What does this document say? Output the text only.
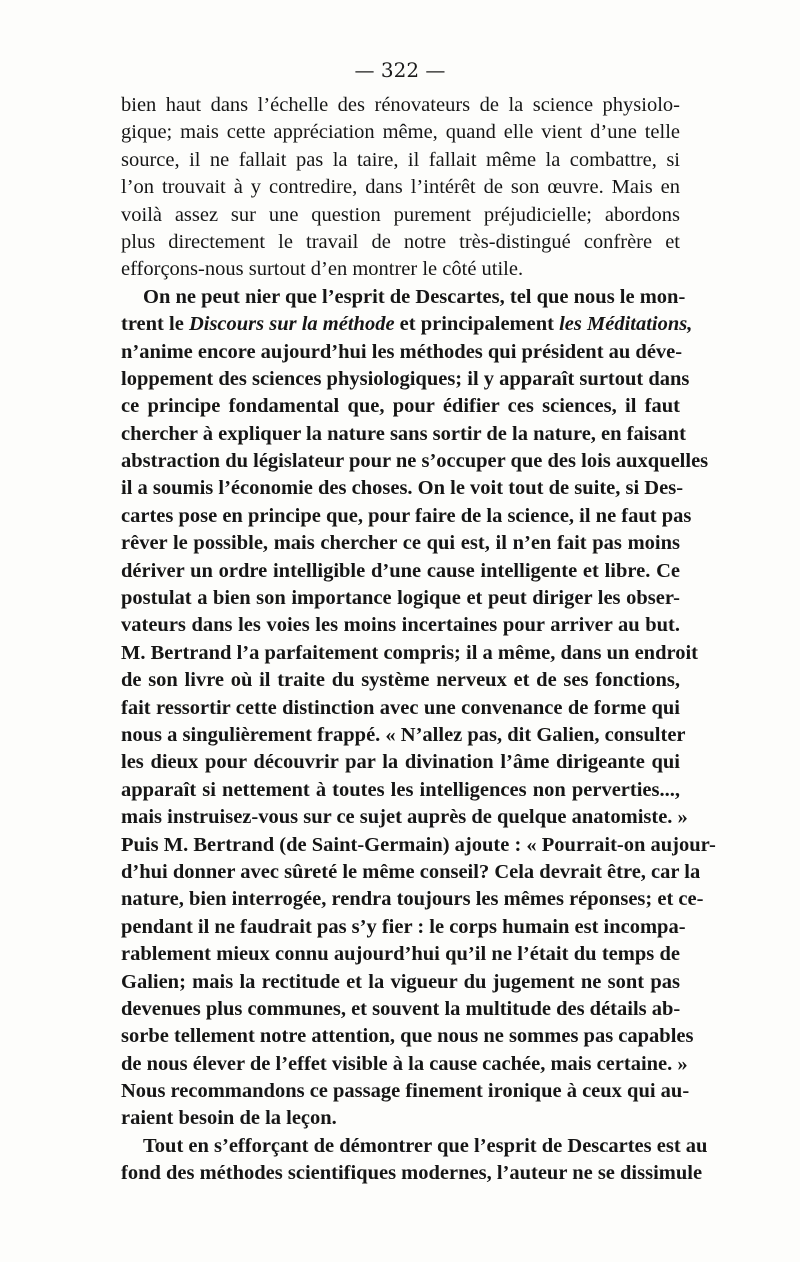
— 322 —
bien haut dans l’échelle des rénovateurs de la science physiolo-
gique; mais cette appréciation même, quand elle vient d’une telle
source, il ne fallait pas la taire, il fallait même la combattre, si
l’on trouvait à y contredire, dans l’intérêt de son œuvre. Mais en
voilà assez sur une question purement préjudicielle; abordons
plus directement le travail de notre très-distingué confrère et
efforçons-nous surtout d’en montrer le côté utile.
On ne peut nier que l’esprit de Descartes, tel que nous le mon-
trent le Discours sur la méthode et principalement les Méditations,
n’anime encore aujourd’hui les méthodes qui président au déve-
loppement des sciences physiologiques; il y apparaît surtout dans
ce principe fondamental que, pour édifier ces sciences, il faut
chercher à expliquer la nature sans sortir de la nature, en faisant
abstraction du législateur pour ne s’occuper que des lois auxquelles
il a soumis l’économie des choses. On le voit tout de suite, si Des-
cartes pose en principe que, pour faire de la science, il ne faut pas
rêver le possible, mais chercher ce qui est, il n’en fait pas moins
dériver un ordre intelligible d’une cause intelligente et libre. Ce
postulat a bien son importance logique et peut diriger les obser-
vateurs dans les voies les moins incertaines pour arriver au but.
M. Bertrand l’a parfaitement compris; il a même, dans un endroit
de son livre où il traite du système nerveux et de ses fonctions,
fait ressortir cette distinction avec une convenance de forme qui
nous a singulièrement frappé. « N’allez pas, dit Galien, consulter
les dieux pour découvrir par la divination l’âme dirigeante qui
apparaît si nettement à toutes les intelligences non perverties...,
mais instruisez-vous sur ce sujet auprès de quelque anatomiste. »
Puis M. Bertrand (de Saint-Germain) ajoute : « Pourrait-on aujour-
d’hui donner avec sûreté le même conseil? Cela devrait être, car la
nature, bien interrogée, rendra toujours les mêmes réponses; et ce-
pendant il ne faudrait pas s’y fier : le corps humain est incompa-
rablement mieux connu aujourd’hui qu’il ne l’était du temps de
Galien; mais la rectitude et la vigueur du jugement ne sont pas
devenues plus communes, et souvent la multitude des détails ab-
sorbe tellement notre attention, que nous ne sommes pas capables
de nous élever de l’effet visible à la cause cachée, mais certaine. »
Nous recommandons ce passage finement ironique à ceux qui au-
raient besoin de la leçon.
Tout en s’efforçant de démontrer que l’esprit de Descartes est au
fond des méthodes scientifiques modernes, l’auteur ne se dissimule
